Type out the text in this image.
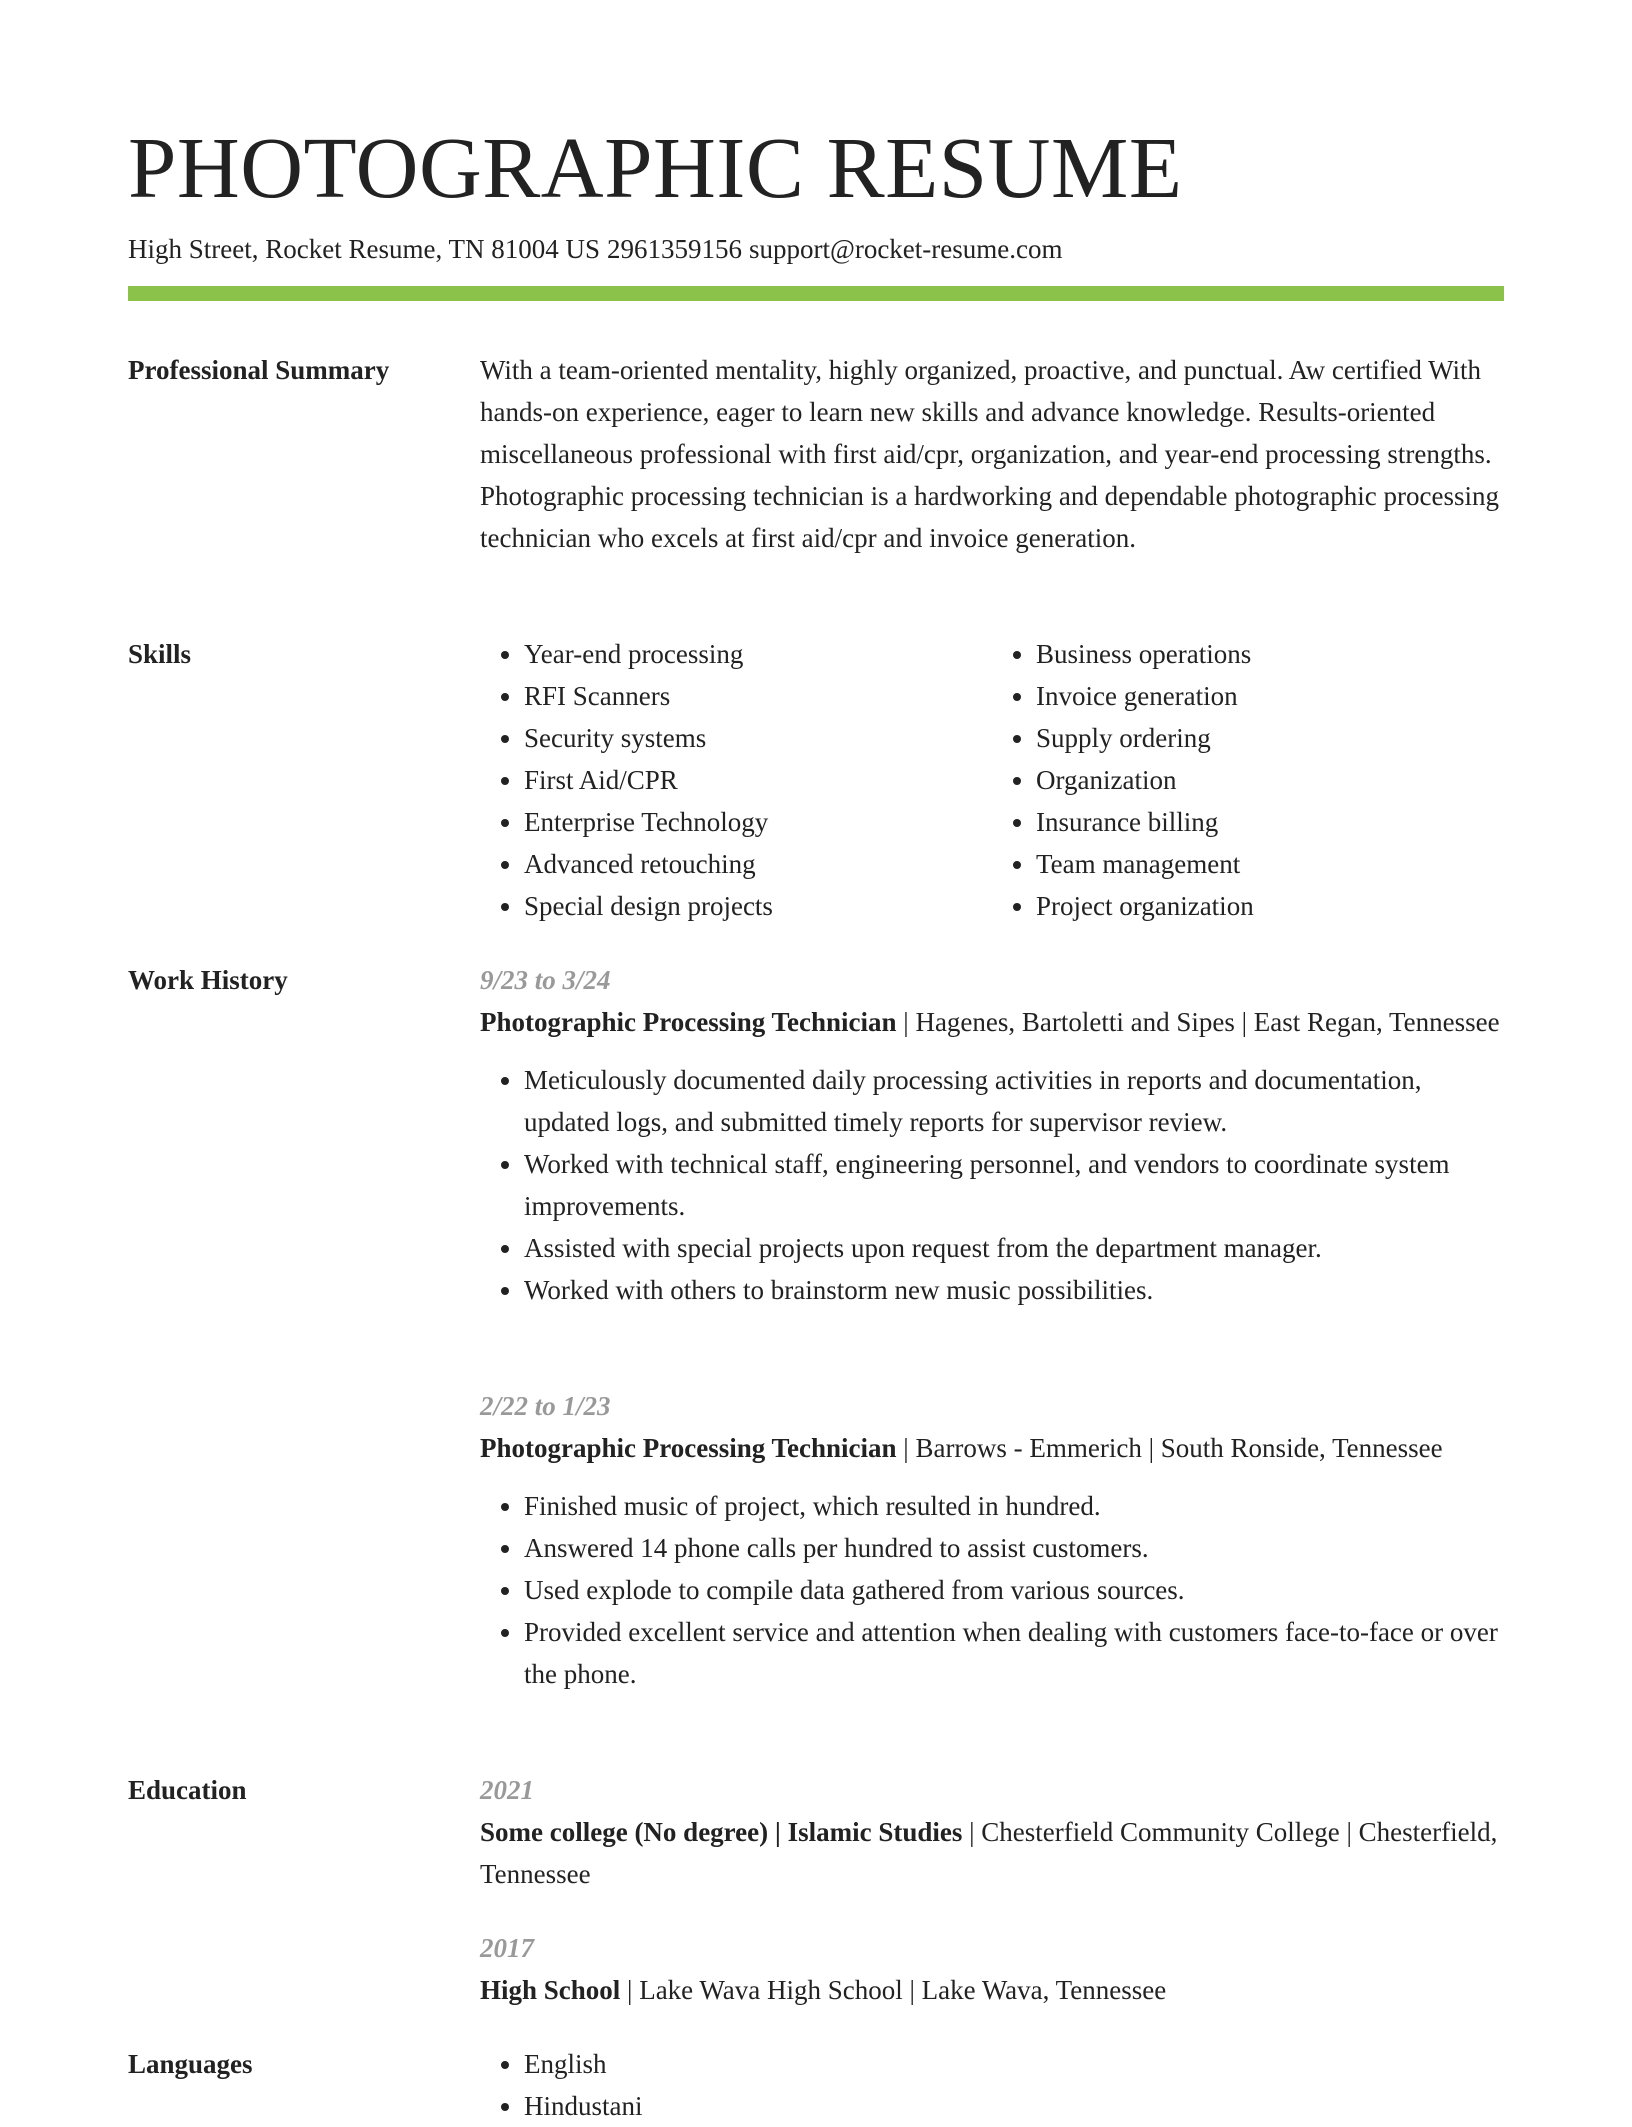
PHOTOGRAPHIC RESUME
High Street, Rocket Resume, TN 81004 US 2961359156 support@rocket-resume.com
Professional Summary	With a team-oriented mentality, highly organized, proactive, and punctual. Aw certified With hands-on experience, eager to learn new skills and advance knowledge. Results-oriented miscellaneous professional with first aid/cpr, organization, and year-end processing strengths. Photographic processing technician is a hardworking and dependable photographic processing technician who excels at first aid/cpr and invoice generation.

Skills	• Year-end processing
• RFI Scanners
• Security systems
• First Aid/CPR
• Enterprise Technology
• Advanced retouching
• Special design projects
• Business operations
• Invoice generation
• Supply ordering
• Organization
• Insurance billing
• Team management
• Project organization
Work History	9/23 to 3/24
Photographic Processing Technician | Hagenes, Bartoletti and Sipes | East Regan, Tennessee
• Meticulously documented daily processing activities in reports and documentation, updated logs, and submitted timely reports for supervisor review.
• Worked with technical staff, engineering personnel, and vendors to coordinate system improvements.
• Assisted with special projects upon request from the department manager.
• Worked with others to brainstorm new music possibilities.
2/22 to 1/23
Photographic Processing Technician | Barrows - Emmerich | South Ronside, Tennessee
• Finished music of project, which resulted in hundred.
• Answered 14 phone calls per hundred to assist customers.
• Used explode to compile data gathered from various sources.
• Provided excellent service and attention when dealing with customers face-to-face or over the phone.
Education	2021
Some college (No degree) | Islamic Studies | Chesterfield Community College | Chesterfield, Tennessee
2017
High School | Lake Wava High School | Lake Wava, Tennessee
Languages	• English
• Hindustani
